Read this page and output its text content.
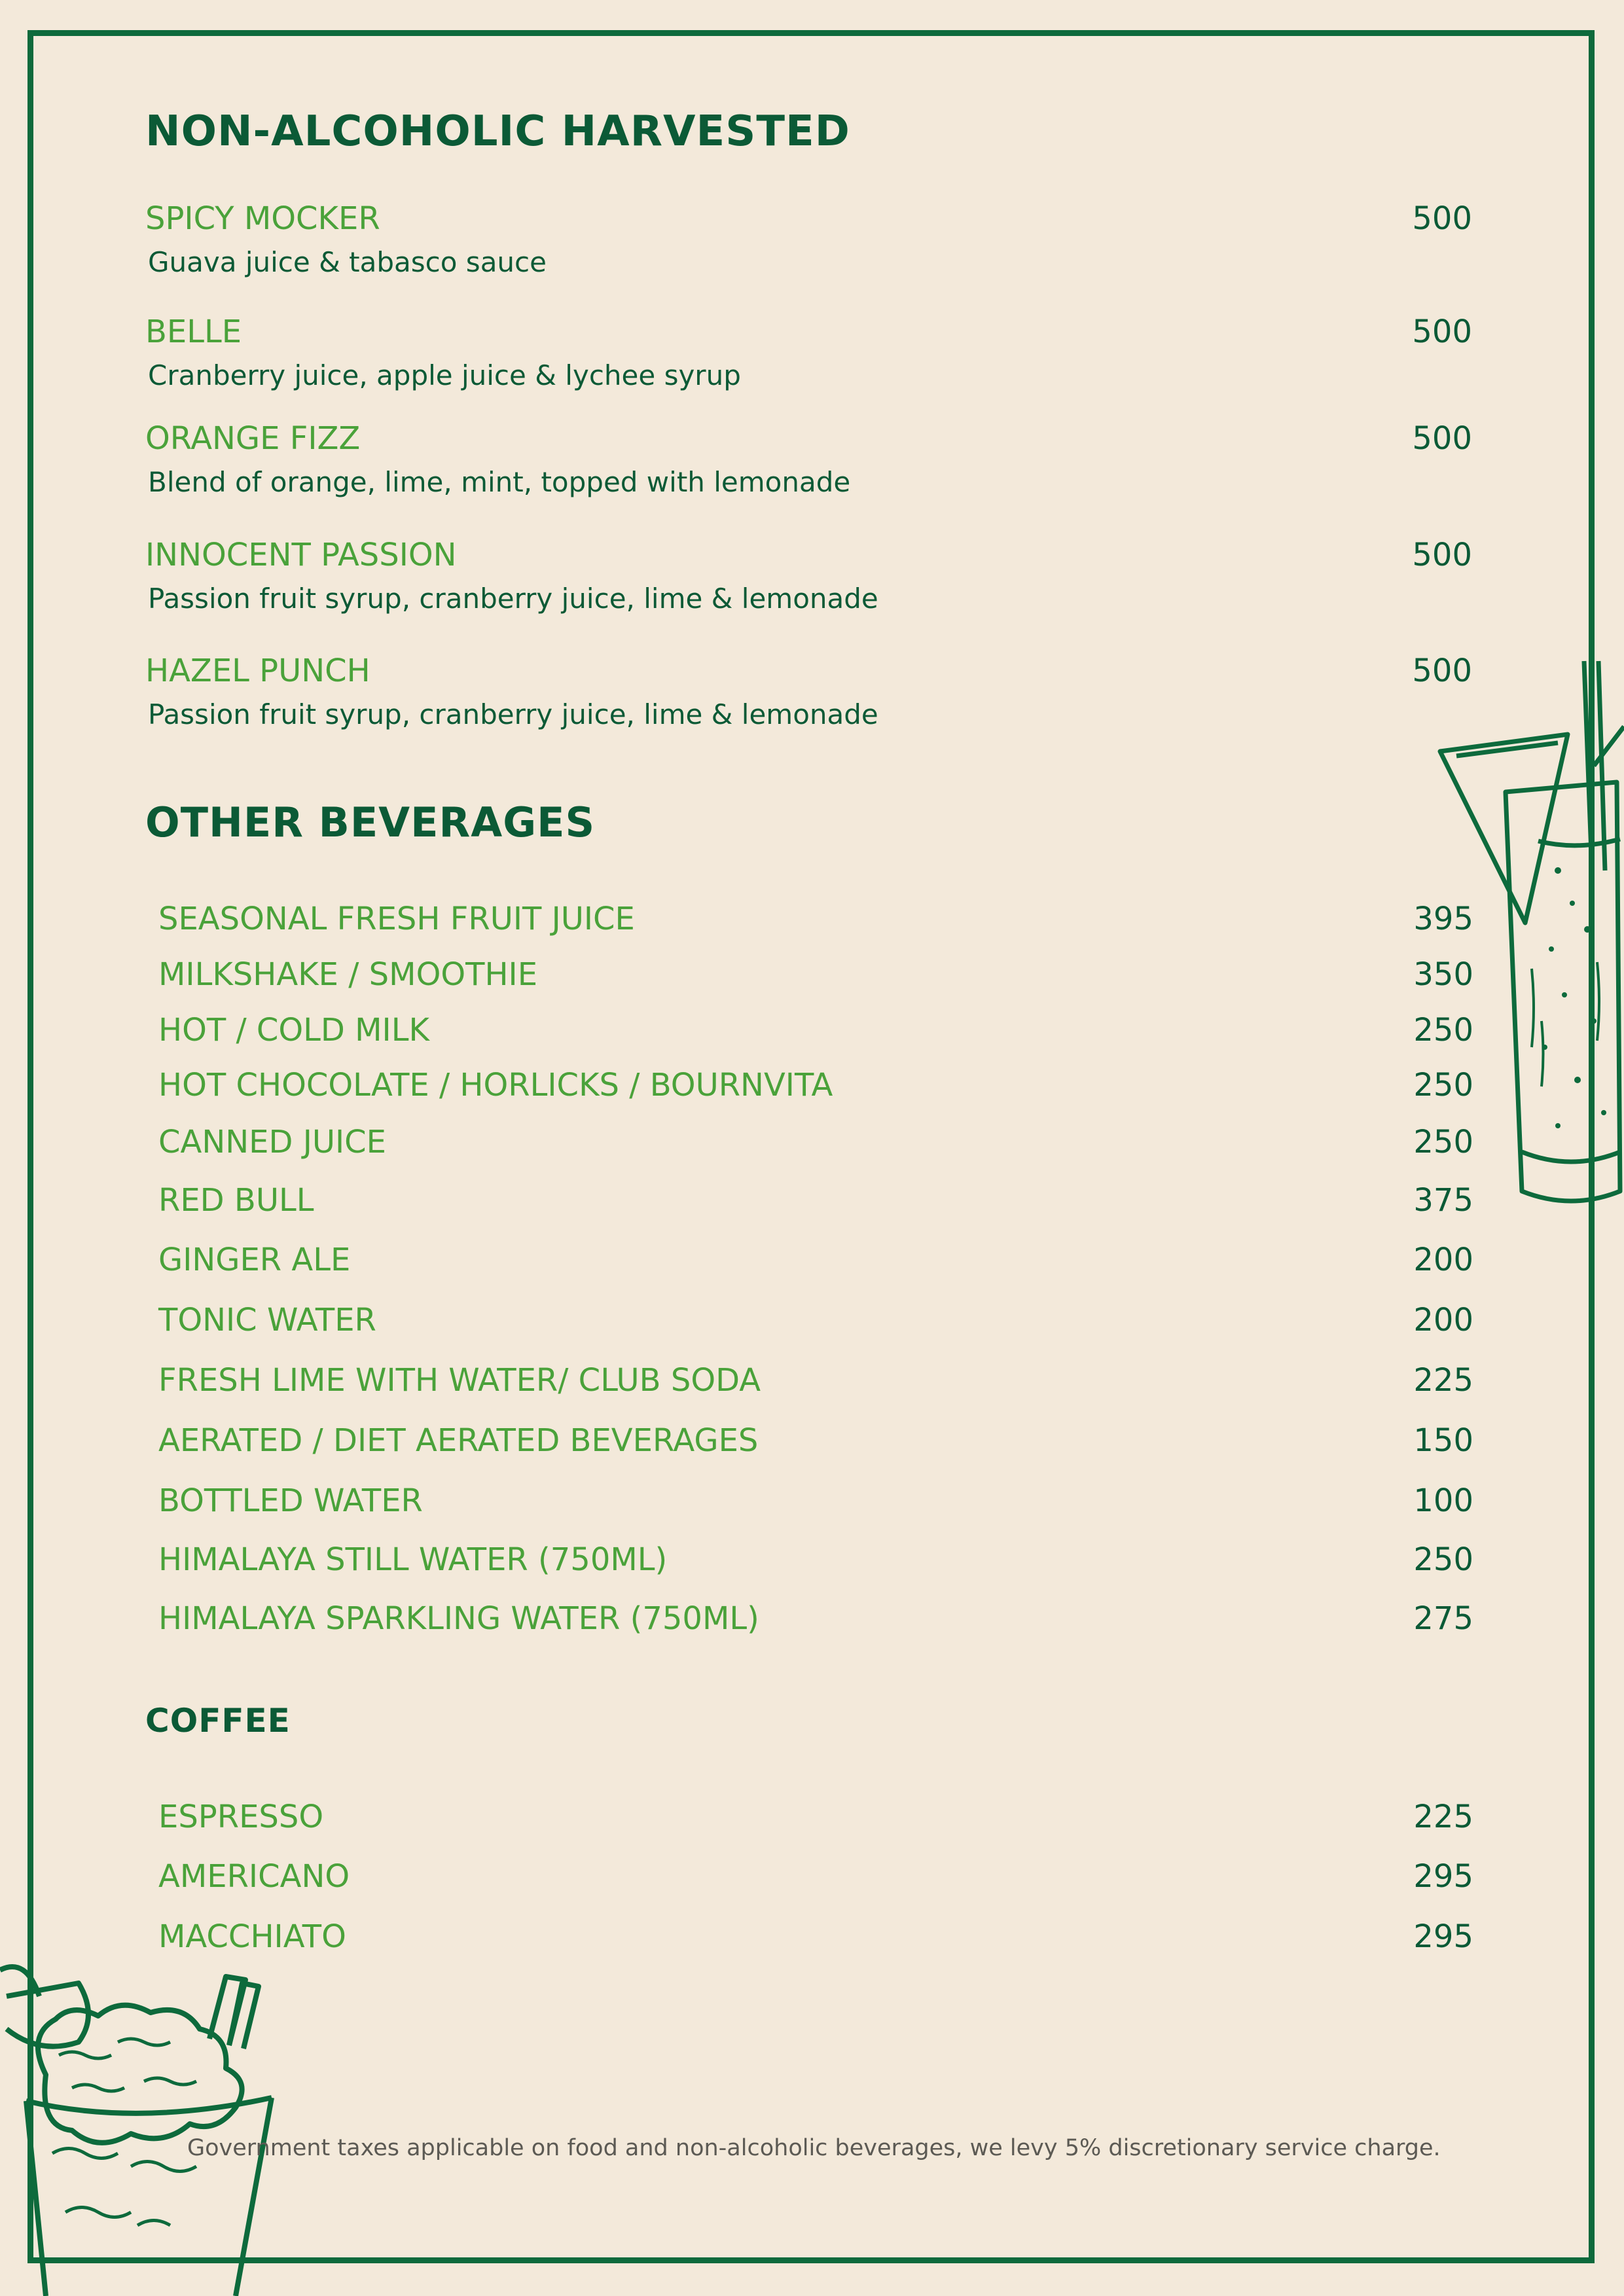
NON-ALCOHOLIC HARVESTED
SPICY MOCKER	500
Guava juice & tabasco sauce
BELLE	500
Cranberry juice, apple juice & lychee syrup
ORANGE FIZZ	500
Blend of orange, lime, mint, topped with lemonade
INNOCENT PASSION	500
Passion fruit syrup, cranberry juice, lime & lemonade
HAZEL PUNCH	500
Passion fruit syrup, cranberry juice, lime & lemonade
OTHER BEVERAGES
SEASONAL FRESH FRUIT JUICE	395
MILKSHAKE / SMOOTHIE	350
HOT / COLD MILK	250
HOT CHOCOLATE / HORLICKS / BOURNVITA	250
CANNED JUICE	250
RED BULL	375
GINGER ALE	200
TONIC WATER	200
FRESH LIME WITH WATER/ CLUB SODA	225
AERATED / DIET AERATED BEVERAGES	150
BOTTLED WATER	100
HIMALAYA STILL WATER (750ML)	250
HIMALAYA SPARKLING WATER (750ML)	275
COFFEE
ESPRESSO	225
AMERICANO	295
MACCHIATO	295
Government taxes applicable on food and non-alcoholic beverages, we levy 5% discretionary service charge.
